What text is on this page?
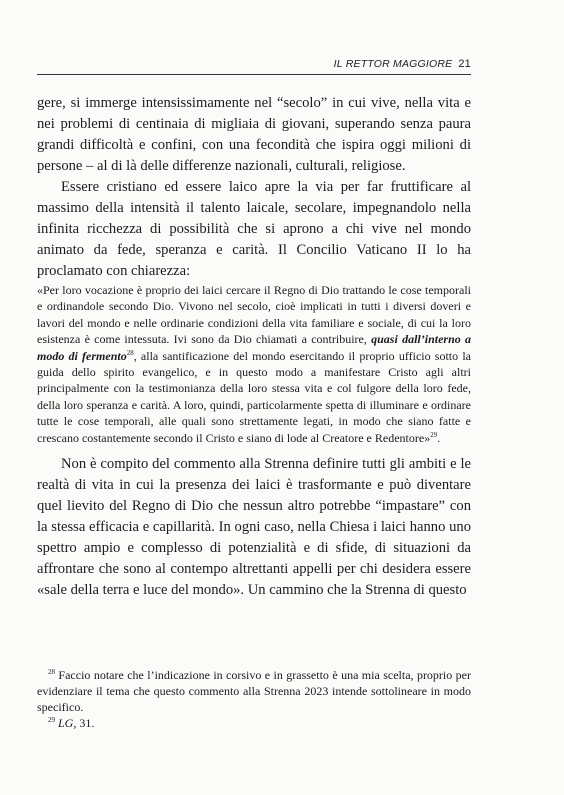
IL RETTOR MAGGIORE 21

gere, si immerge intensissimamente nel “secolo” in cui vive, nella vita e nei problemi di centinaia di migliaia di giovani, superando senza paura grandi difficoltà e confini, con una fecondità che ispira oggi milioni di persone – al di là delle differenze nazionali, culturali, religiose.

Essere cristiano ed essere laico apre la via per far fruttificare al massimo della intensità il talento laicale, secolare, impegnandolo nella infinita ricchezza di possibilità che si aprono a chi vive nel mondo animato da fede, speranza e carità. Il Concilio Vaticano II lo ha proclamato con chiarezza:

«Per loro vocazione è proprio dei laici cercare il Regno di Dio trattando le cose temporali e ordinandole secondo Dio. Vivono nel secolo, cioè implicati in tutti i diversi doveri e lavori del mondo e nelle ordinarie condizioni della vita familiare e sociale, di cui la loro esistenza è come intessuta. Ivi sono da Dio chiamati a contribuire, quasi dall’interno a modo di fermento$^{28}$, alla santificazione del mondo esercitando il proprio ufficio sotto la guida dello spirito evangelico, e in questo modo a manifestare Cristo agli altri principalmente con la testimonianza della loro stessa vita e col fulgore della loro fede, della loro speranza e carità. A loro, quindi, particolarmente spetta di illuminare e ordinare tutte le cose temporali, alle quali sono strettamente legati, in modo che siano fatte e crescano costantemente secondo il Cristo e siano di lode al Creatore e Redentore»$^{29}$.

Non è compito del commento alla Strenna definire tutti gli ambiti e le realtà di vita in cui la presenza dei laici è trasformante e può diventare quel lievito del Regno di Dio che nessun altro potrebbe “impastare” con la stessa efficacia e capillarità. In ogni caso, nella Chiesa i laici hanno uno spettro ampio e complesso di potenzialità e di sfide, di situazioni da affrontare che sono al contempo altrettanti appelli per chi desidera essere «sale della terra e luce del mondo». Un cammino che la Strenna di questo

$^{28}$ Faccio notare che l’indicazione in corsivo e in grassetto è una mia scelta, proprio per evidenziare il tema che questo commento alla Strenna 2023 intende sottolineare in modo specifico.

$^{29}$ LG, 31.
